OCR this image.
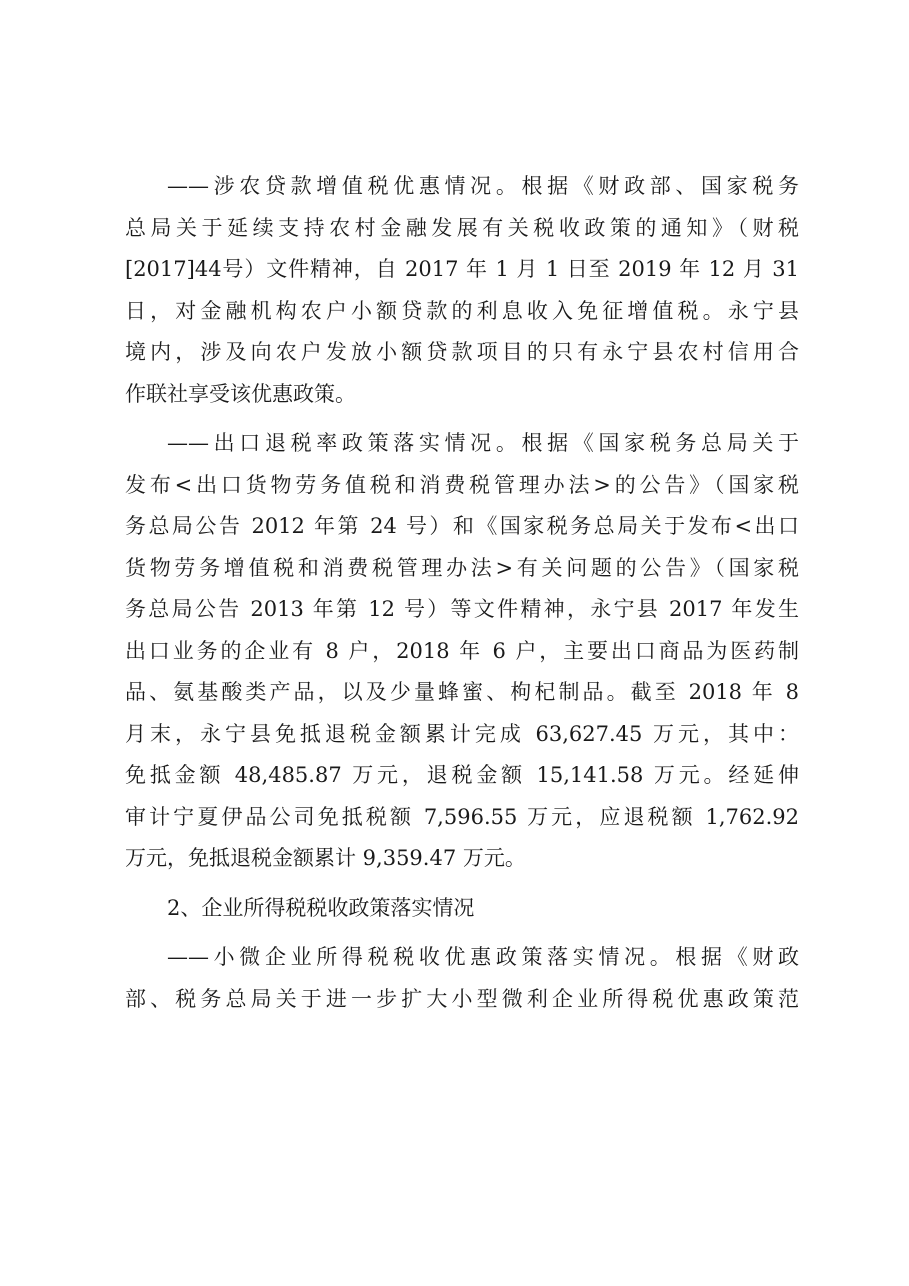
——涉农贷款增值税优惠情况。根据《财政部、国家税务
总局关于延续支持农村金融发展有关税收政策的通知》（财税
[2017]44号）文件精神，自 2017 年 1 月 1 日至 2019 年 12 月 31
日，对金融机构农户小额贷款的利息收入免征增值税。永宁县
境内，涉及向农户发放小额贷款项目的只有永宁县农村信用合
作联社享受该优惠政策。
——出口退税率政策落实情况。根据《国家税务总局关于
发布<出口货物劳务值税和消费税管理办法>的公告》（国家税
务总局公告 2012 年第 24 号）和《国家税务总局关于发布<出口
货物劳务增值税和消费税管理办法>有关问题的公告》（国家税
务总局公告 2013 年第 12 号）等文件精神，永宁县 2017 年发生
出口业务的企业有 8 户，2018 年 6 户，主要出口商品为医药制
品、氨基酸类产品，以及少量蜂蜜、枸杞制品。截至 2018 年 8
月末，永宁县免抵退税金额累计完成 63,627.45 万元，其中：
免抵金额 48,485.87 万元，退税金额 15,141.58 万元。经延伸
审计宁夏伊品公司免抵税额 7,596.55 万元，应退税额 1,762.92
万元，免抵退税金额累计 9,359.47 万元。
2、企业所得税税收政策落实情况
——小微企业所得税税收优惠政策落实情况。根据《财政
部、税务总局关于进一步扩大小型微利企业所得税优惠政策范
